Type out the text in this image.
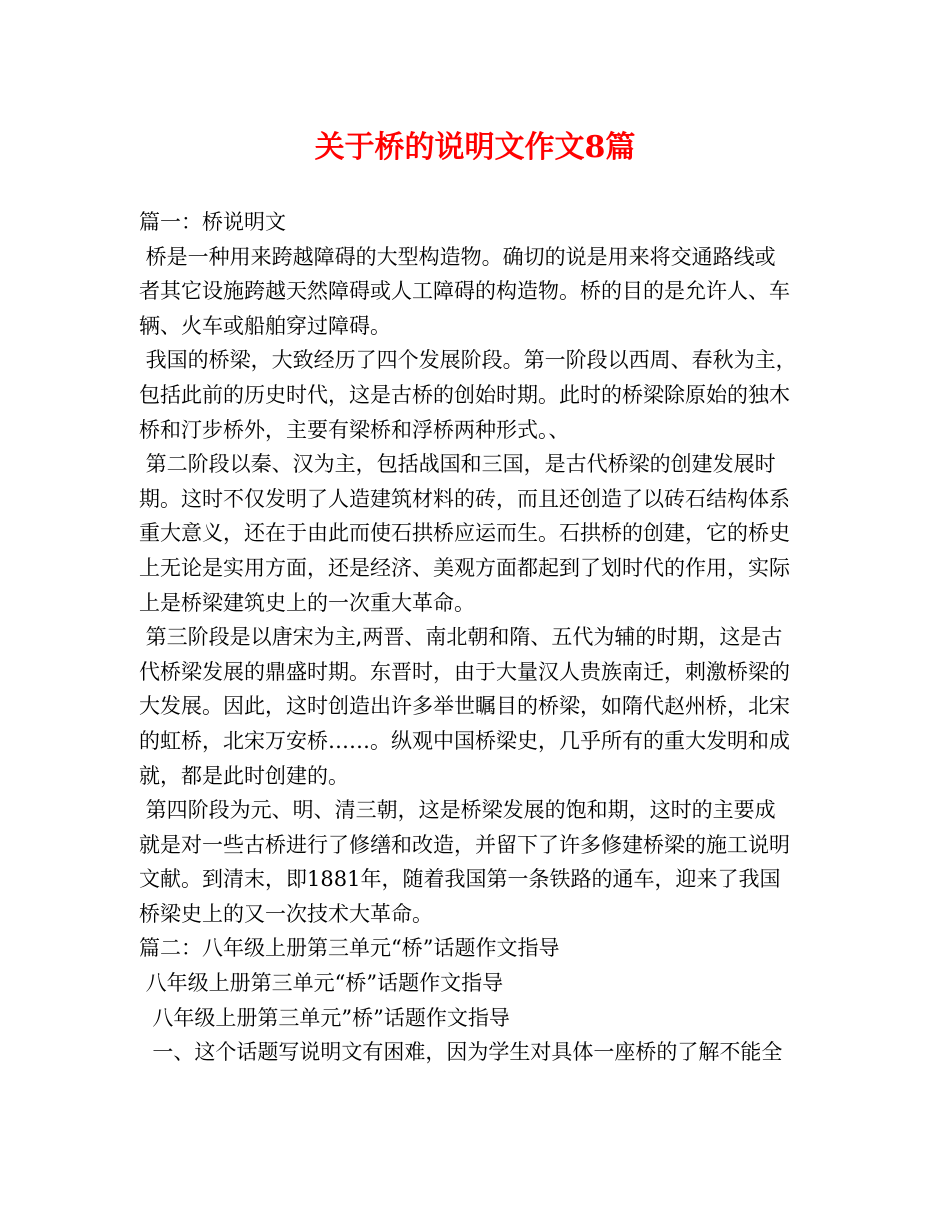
关于桥的说明文作文8篇
篇一：桥说明文
桥是一种用来跨越障碍的大型构造物。确切的说是用来将交通路线或
者其它设施跨越天然障碍或人工障碍的构造物。桥的目的是允许人、车
辆、火车或船舶穿过障碍。
我国的桥梁，大致经历了四个发展阶段。第一阶段以西周、春秋为主，
包括此前的历史时代，这是古桥的创始时期。此时的桥梁除原始的独木
桥和汀步桥外，主要有梁桥和浮桥两种形式。、
第二阶段以秦、汉为主，包括战国和三国，是古代桥梁的创建发展时
期。这时不仅发明了人造建筑材料的砖，而且还创造了以砖石结构体系
重大意义，还在于由此而使石拱桥应运而生。石拱桥的创建，它的桥史
上无论是实用方面，还是经济、美观方面都起到了划时代的作用，实际
上是桥梁建筑史上的一次重大革命。
第三阶段是以唐宋为主,两晋、南北朝和隋、五代为辅的时期，这是古
代桥梁发展的鼎盛时期。东晋时，由于大量汉人贵族南迁，刺激桥梁的
大发展。因此，这时创造出许多举世瞩目的桥梁，如隋代赵州桥，北宋
的虹桥，北宋万安桥……。纵观中国桥梁史，几乎所有的重大发明和成
就，都是此时创建的。
第四阶段为元、明、清三朝，这是桥梁发展的饱和期，这时的主要成
就是对一些古桥进行了修缮和改造，并留下了许多修建桥梁的施工说明
文献。到清末，即1881年，随着我国第一条铁路的通车，迎来了我国
桥梁史上的又一次技术大革命。
篇二：八年级上册第三单元“桥”话题作文指导
八年级上册第三单元“桥”话题作文指导
八年级上册第三单元”桥”话题作文指导
一、这个话题写说明文有困难，因为学生对具体一座桥的了解不能全
